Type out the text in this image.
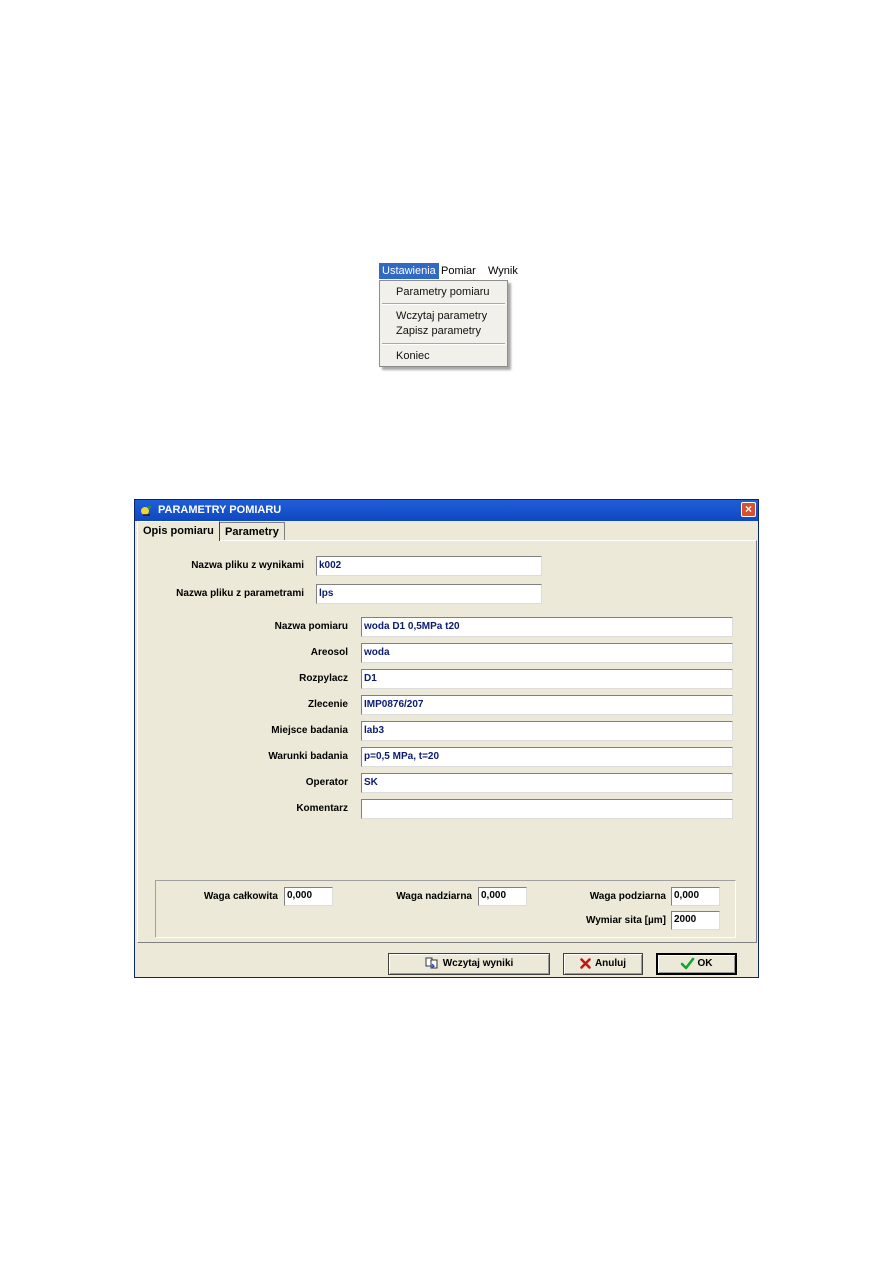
Ustawienia Pomiar Wynik
Parametry pomiaru
Wczytaj parametry
Zapisz parametry
Koniec
PARAMETRY POMIARU	×
Opis pomiaru	Parametry
Nazwa pliku z wynikami	k002
Nazwa pliku z parametrami	lps
Nazwa pomiaru	woda D1 0,5MPa t20
Areosol	woda
Rozpylacz	D1
Zlecenie	IMP0876/207
Miejsce badania	lab3
Warunki badania	p=0,5 MPa, t=20
Operator	SK
Komentarz
Waga całkowita 0,000	Waga nadziarna 0,000	Waga podziarna 0,000
Wymiar sita [µm] 2000
Wczytaj wyniki	Anuluj	OK
